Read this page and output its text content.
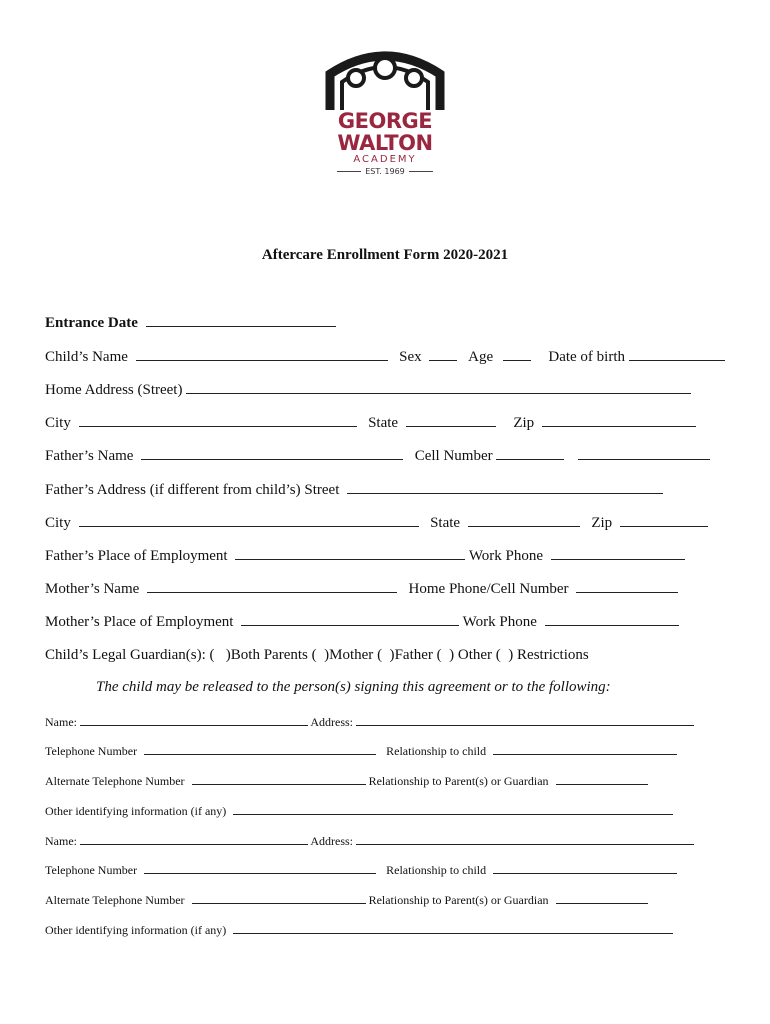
GEORGE
WALTON
ACADEMY
EST. 1969
Aftercare Enrollment Form 2020-2021
Entrance Date
Child’s Name	Sex	Age	Date of birth
Home Address (Street)
City	State	Zip
Father’s Name	Cell Number
Father’s Address (if different from child’s) Street
City	State	Zip
Father’s Place of Employment	Work Phone
Mother’s Name	Home Phone/Cell Number
Mother’s Place of Employment	Work Phone
Child’s Legal Guardian(s): (   )Both Parents (  )Mother (  )Father (  ) Other (  ) Restrictions
The child may be released to the person(s) signing this agreement or to the following:
Name:	Address:
Telephone Number	Relationship to child
Alternate Telephone Number	Relationship to Parent(s) or Guardian
Other identifying information (if any)
Name:	Address:
Telephone Number	Relationship to child
Alternate Telephone Number	Relationship to Parent(s) or Guardian
Other identifying information (if any)
